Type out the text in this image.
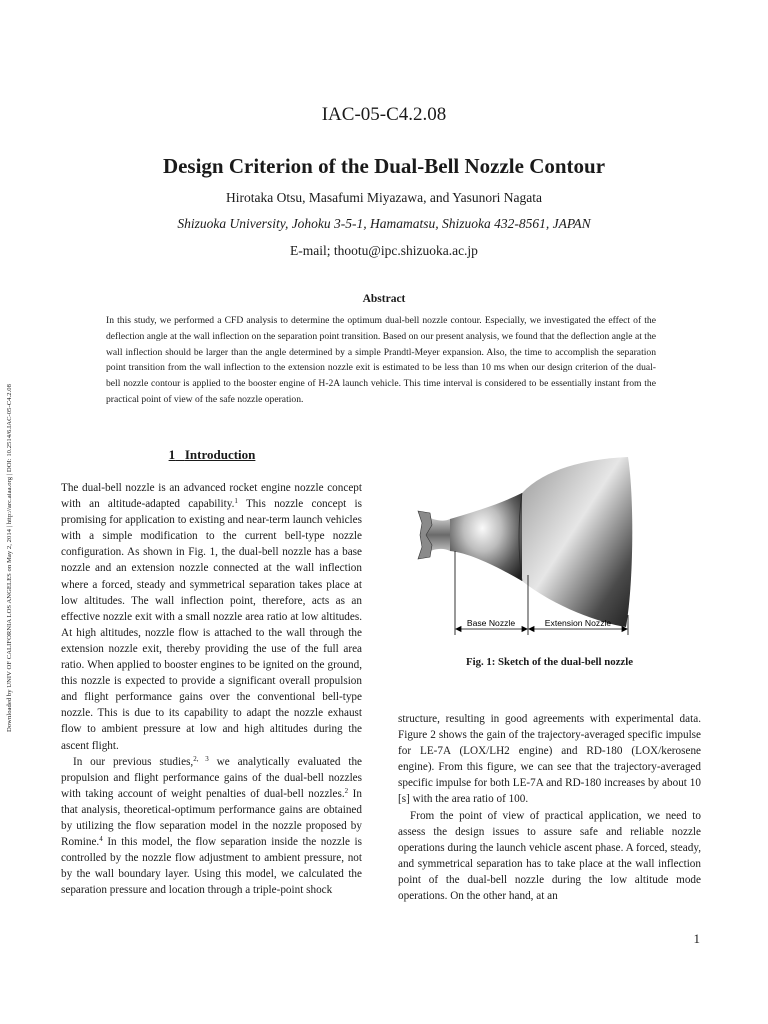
IAC-05-C4.2.08
Design Criterion of the Dual-Bell Nozzle Contour
Hirotaka Otsu, Masafumi Miyazawa, and Yasunori Nagata
Shizuoka University, Johoku 3-5-1, Hamamatsu, Shizuoka 432-8561, JAPAN
E-mail; thootu@ipc.shizuoka.ac.jp
Abstract
In this study, we performed a CFD analysis to determine the optimum dual-bell nozzle contour. Especially, we investigated the effect of the deflection angle at the wall inflection on the separation point transition. Based on our present analysis, we found that the deflection angle at the wall inflection should be larger than the angle determined by a simple Prandtl-Meyer expansion. Also, the time to accomplish the separation point transition from the wall inflection to the extension nozzle exit is estimated to be less than 10 ms when our design criterion of the dual-bell nozzle contour is applied to the booster engine of H-2A launch vehicle. This time interval is considered to be essentially instant from the practical point of view of the safe nozzle operation.
Downloaded by UNIV OF CALIFORNIA LOS ANGELES on May 2, 2014 | http://arc.aiaa.org | DOI: 10.2514/6.IAC-05-C4.2.08	1 Introduction

The dual-bell nozzle is an advanced rocket engine nozzle concept with an altitude-adapted capability.$^1$ This nozzle concept is promising for application to existing and near-term launch vehicles with a simple modification to the current bell-type nozzle configuration. As shown in Fig. 1, the dual-bell nozzle has a base nozzle and an extension nozzle connected at the wall inflection where a forced, steady and symmetrical separation takes place at low altitudes. The wall inflection point, therefore, acts as an effective nozzle exit with a small nozzle area ratio at low altitudes. At high altitudes, nozzle flow is attached to the wall through the extension nozzle exit, thereby providing the use of the full area ratio. When applied to booster engines to be ignited on the ground, this nozzle is expected to provide a significant overall propulsion and flight performance gains over the conventional bell-type nozzle. This is due to its capability to adapt the nozzle exhaust flow to ambient pressure at low and high altitudes during the ascent flight.

In our previous studies,$^{2, 3}$ we analytically evaluated the propulsion and flight performance gains of the dual-bell nozzles with taking account of weight penalties of dual-bell nozzles.$^2$ In that analysis, theoretical-optimum performance gains are obtained by utilizing the flow separation model in the nozzle proposed by Romine.$^4$ In this model, the flow separation inside the nozzle is controlled by the nozzle flow adjustment to ambient pressure, not by the wall boundary layer. Using this model, we calculated the separation pressure and location through a triple-point shock

Base Nozzle	Extension Nozzle
Fig. 1: Sketch of the dual-bell nozzle

structure, resulting in good agreements with experimental data. Figure 2 shows the gain of the trajectory-averaged specific impulse for LE-7A (LOX/LH2 engine) and RD-180 (LOX/kerosene engine). From this figure, we can see that the trajectory-averaged specific impulse for both LE-7A and RD-180 increases by about 10 [s] with the area ratio of 100.

From the point of view of practical application, we need to assess the design issues to assure safe and reliable nozzle operations during the launch vehicle ascent phase. A forced, steady, and symmetrical separation has to take place at the wall inflection point of the dual-bell nozzle during the low altitude mode operations. On the other hand, at an

1
